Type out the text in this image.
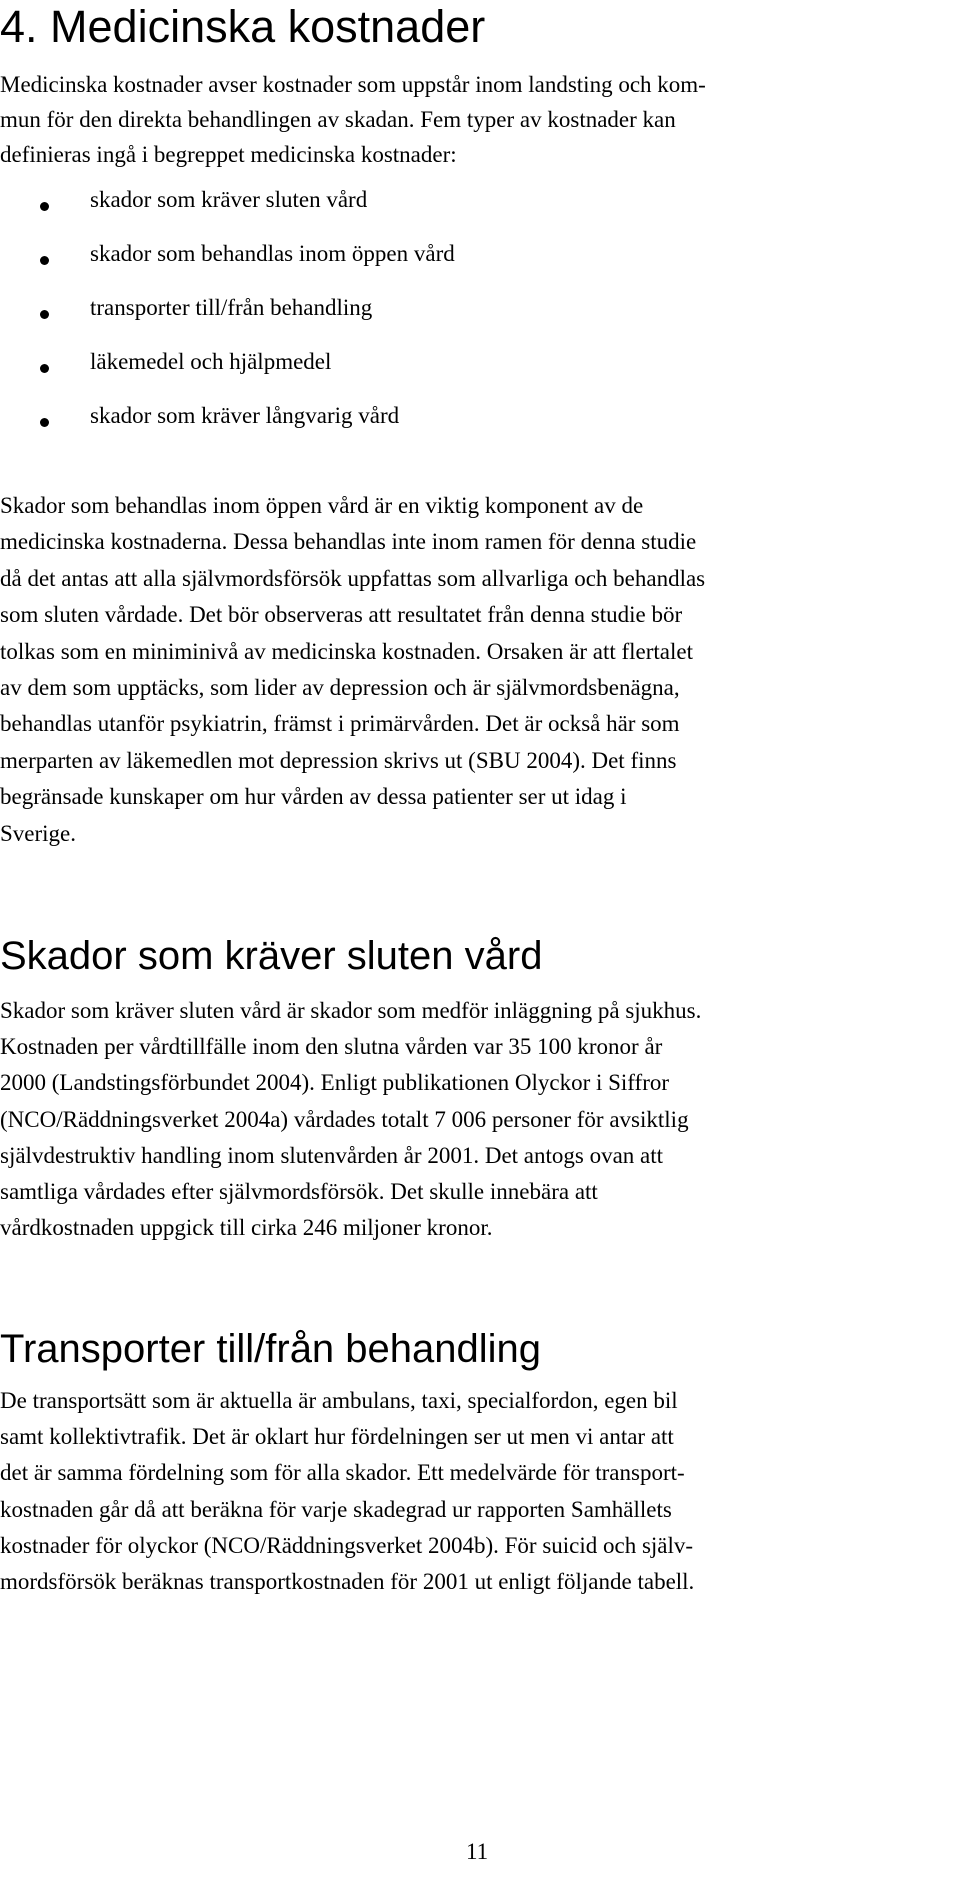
4. Medicinska kostnader
Medicinska kostnader avser kostnader som uppstår inom landsting och kom-
mun för den direkta behandlingen av skadan. Fem typer av kostnader kan
definieras ingå i begreppet medicinska kostnader:
skador som kräver sluten vård
skador som behandlas inom öppen vård
transporter till/från behandling
läkemedel och hjälpmedel
skador som kräver långvarig vård
Skador som behandlas inom öppen vård är en viktig komponent av de
medicinska kostnaderna. Dessa behandlas inte inom ramen för denna studie
då det antas att alla självmordsförsök uppfattas som allvarliga och behandlas
som sluten vårdade. Det bör observeras att resultatet från denna studie bör
tolkas som en miniminivå av medicinska kostnaden. Orsaken är att flertalet
av dem som upptäcks, som lider av depression och är självmordsbenägna,
behandlas utanför psykiatrin, främst i primärvården. Det är också här som
merparten av läkemedlen mot depression skrivs ut (SBU 2004). Det finns
begränsade kunskaper om hur vården av dessa patienter ser ut idag i
Sverige.
Skador som kräver sluten vård
Skador som kräver sluten vård är skador som medför inläggning på sjukhus.
Kostnaden per vårdtillfälle inom den slutna vården var 35 100 kronor år
2000 (Landstingsförbundet 2004). Enligt publikationen Olyckor i Siffror
(NCO/Räddningsverket 2004a) vårdades totalt 7 006 personer för avsiktlig
självdestruktiv handling inom slutenvården år 2001. Det antogs ovan att
samtliga vårdades efter självmordsförsök. Det skulle innebära att
vårdkostnaden uppgick till cirka 246 miljoner kronor.
Transporter till/från behandling
De transportsätt som är aktuella är ambulans, taxi, specialfordon, egen bil
samt kollektivtrafik. Det är oklart hur fördelningen ser ut men vi antar att
det är samma fördelning som för alla skador. Ett medelvärde för transport-
kostnaden går då att beräkna för varje skadegrad ur rapporten Samhällets
kostnader för olyckor (NCO/Räddningsverket 2004b). För suicid och själv-
mordsförsök beräknas transportkostnaden för 2001 ut enligt följande tabell.
11
